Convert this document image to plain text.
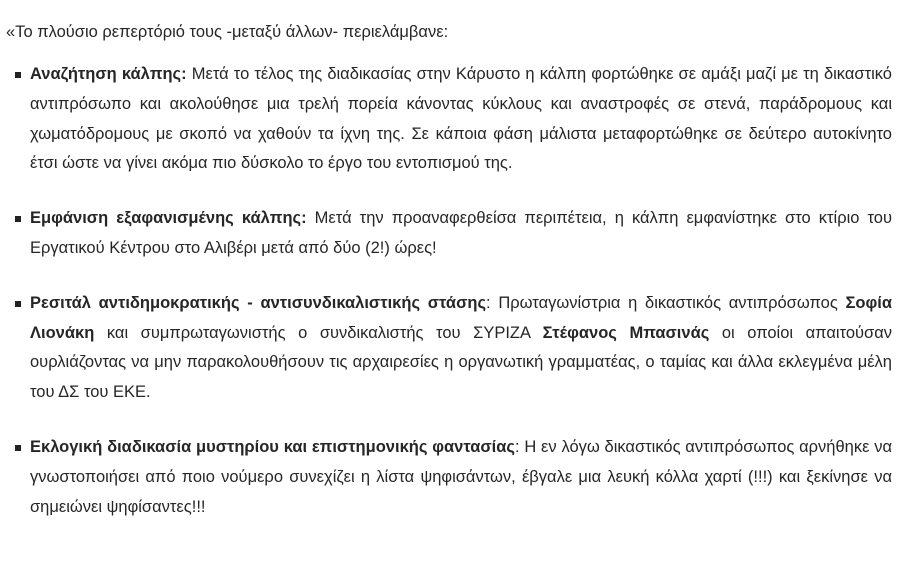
«Το πλούσιο ρεπερτόριό τους -μεταξύ άλλων- περιελάμβανε:

Αναζήτηση κάλπης: Μετά το τέλος της διαδικασίας στην Κάρυστο η κάλπη φορτώθηκε σε αμάξι μαζί με τη δικαστικό αντιπρόσωπο και ακολούθησε μια τρελή πορεία κάνοντας κύκλους και αναστροφές σε στενά, παράδρομους και χωματόδρομους με σκοπό να χαθούν τα ίχνη της. Σε κάποια φάση μάλιστα μεταφορτώθηκε σε δεύτερο αυτοκίνητο έτσι ώστε να γίνει ακόμα πιο δύσκολο το έργο του εντοπισμού της.
Εμφάνιση εξαφανισμένης κάλπης: Μετά την προαναφερθείσα περιπέτεια, η κάλπη εμφανίστηκε στο κτίριο του Εργατικού Κέντρου στο Αλιβέρι μετά από δύο (2!) ώρες!
Ρεσιτάλ αντιδημοκρατικής - αντισυνδικαλιστικής στάσης: Πρωταγωνίστρια η δικαστικός αντιπρόσωπος Σοφία Λιονάκη και συμπρωταγωνιστής ο συνδικαλιστής του ΣΥΡΙΖΑ Στέφανος Μπασινάς οι οποίοι απαιτούσαν ουρλιάζοντας να μην παρακολουθήσουν τις αρχαιρεσίες η οργανωτική γραμματέας, ο ταμίας και άλλα εκλεγμένα μέλη του ΔΣ του ΕΚΕ.
Εκλογική διαδικασία μυστηρίου και επιστημονικής φαντασίας: Η εν λόγω δικαστικός αντιπρόσωπος αρνήθηκε να γνωστοποιήσει από ποιο νούμερο συνεχίζει η λίστα ψηφισάντων, έβγαλε μια λευκή κόλλα χαρτί (!!!) και ξεκίνησε να σημειώνει ψηφίσαντες!!!
